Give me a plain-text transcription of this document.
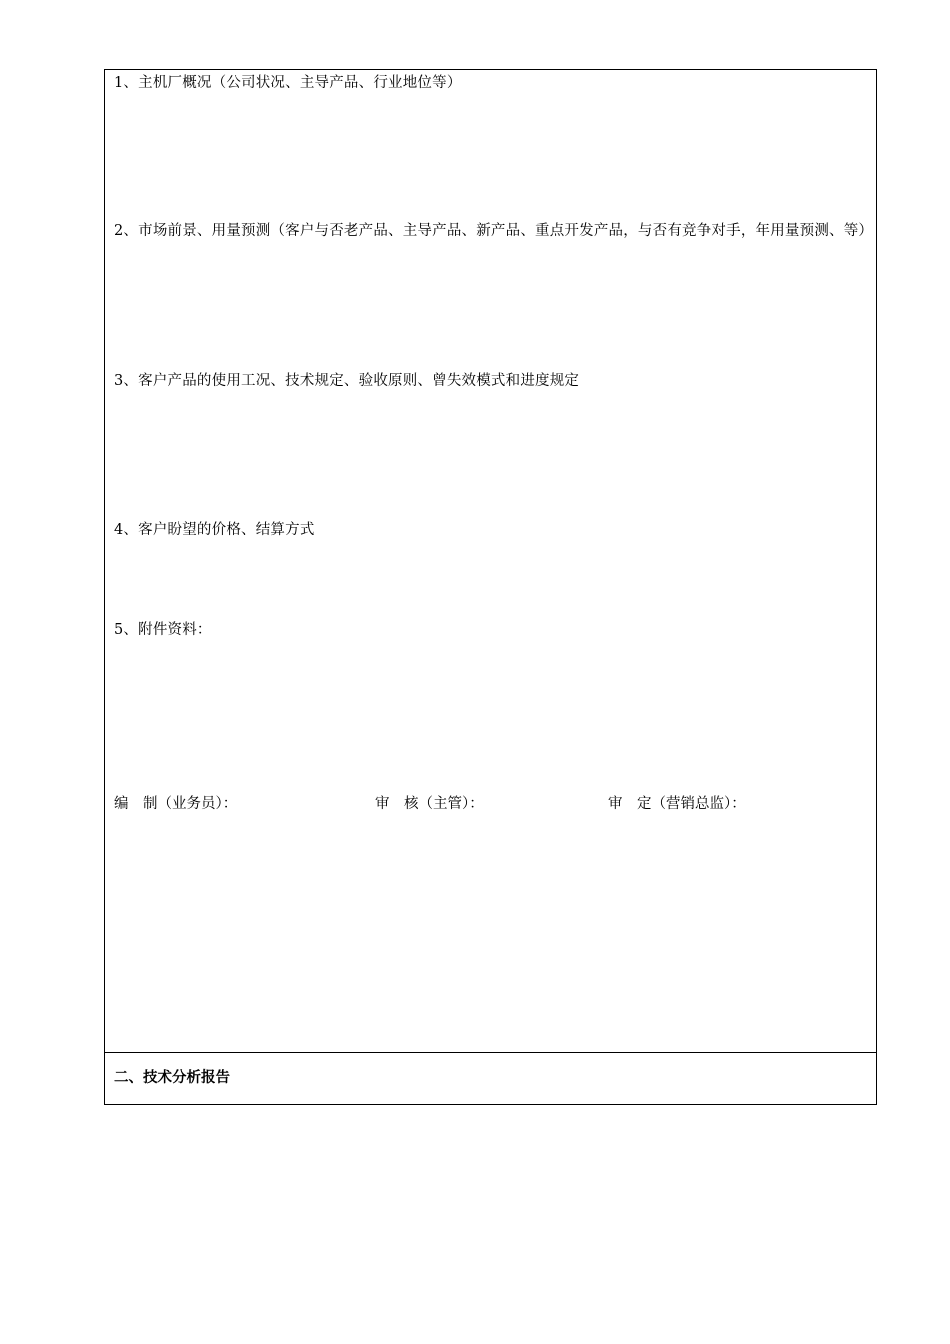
1、主机厂概况（公司状况、主导产品、行业地位等）
2、市场前景、用量预测（客户与否老产品、主导产品、新产品、重点开发产品，与否有竞争对手，年用量预测、等）
3、客户产品的使用工况、技术规定、验收原则、曾失效模式和进度规定
4、客户盼望的价格、结算方式
5、附件资料：
编　制（业务员）：	审　核（主管）：	审　定（营销总监）：
二、技术分析报告
